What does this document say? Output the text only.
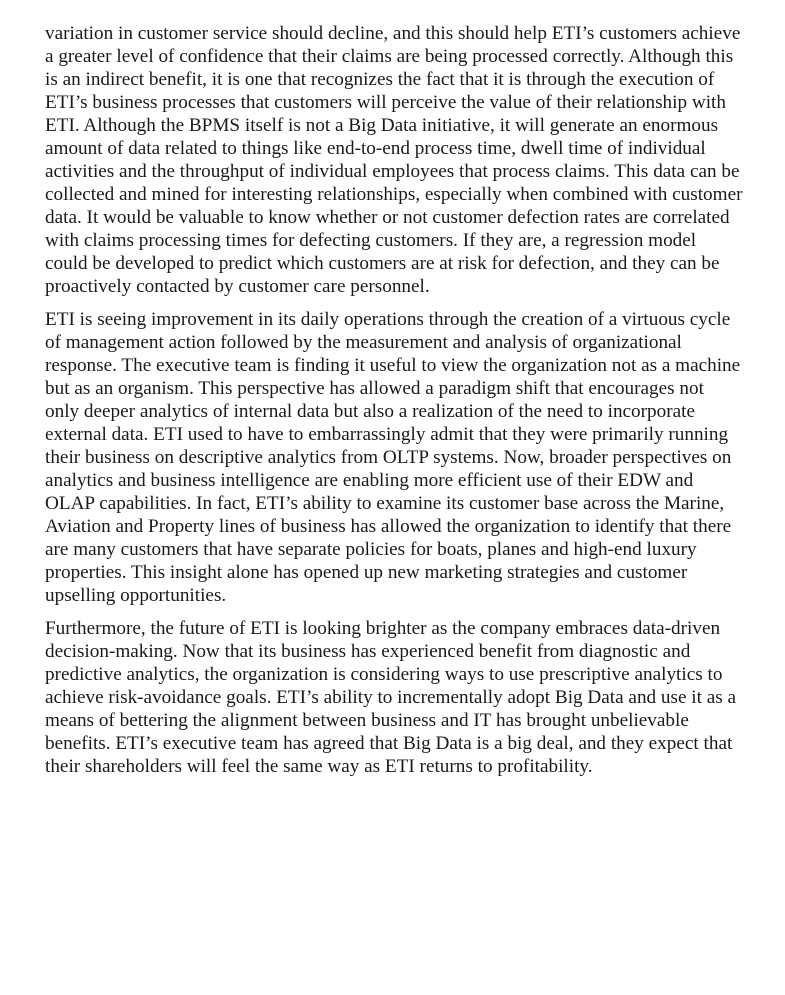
variation in customer service should decline, and this should help ETI’s customers achieve
a greater level of confidence that their claims are being processed correctly. Although this
is an indirect benefit, it is one that recognizes the fact that it is through the execution of
ETI’s business processes that customers will perceive the value of their relationship with
ETI. Although the BPMS itself is not a Big Data initiative, it will generate an enormous
amount of data related to things like end-to-end process time, dwell time of individual
activities and the throughput of individual employees that process claims. This data can be
collected and mined for interesting relationships, especially when combined with customer
data. It would be valuable to know whether or not customer defection rates are correlated
with claims processing times for defecting customers. If they are, a regression model
could be developed to predict which customers are at risk for defection, and they can be
proactively contacted by customer care personnel.

ETI is seeing improvement in its daily operations through the creation of a virtuous cycle
of management action followed by the measurement and analysis of organizational
response. The executive team is finding it useful to view the organization not as a machine
but as an organism. This perspective has allowed a paradigm shift that encourages not
only deeper analytics of internal data but also a realization of the need to incorporate
external data. ETI used to have to embarrassingly admit that they were primarily running
their business on descriptive analytics from OLTP systems. Now, broader perspectives on
analytics and business intelligence are enabling more efficient use of their EDW and
OLAP capabilities. In fact, ETI’s ability to examine its customer base across the Marine,
Aviation and Property lines of business has allowed the organization to identify that there
are many customers that have separate policies for boats, planes and high-end luxury
properties. This insight alone has opened up new marketing strategies and customer
upselling opportunities.

Furthermore, the future of ETI is looking brighter as the company embraces data-driven
decision-making. Now that its business has experienced benefit from diagnostic and
predictive analytics, the organization is considering ways to use prescriptive analytics to
achieve risk-avoidance goals. ETI’s ability to incrementally adopt Big Data and use it as a
means of bettering the alignment between business and IT has brought unbelievable
benefits. ETI’s executive team has agreed that Big Data is a big deal, and they expect that
their shareholders will feel the same way as ETI returns to profitability.
